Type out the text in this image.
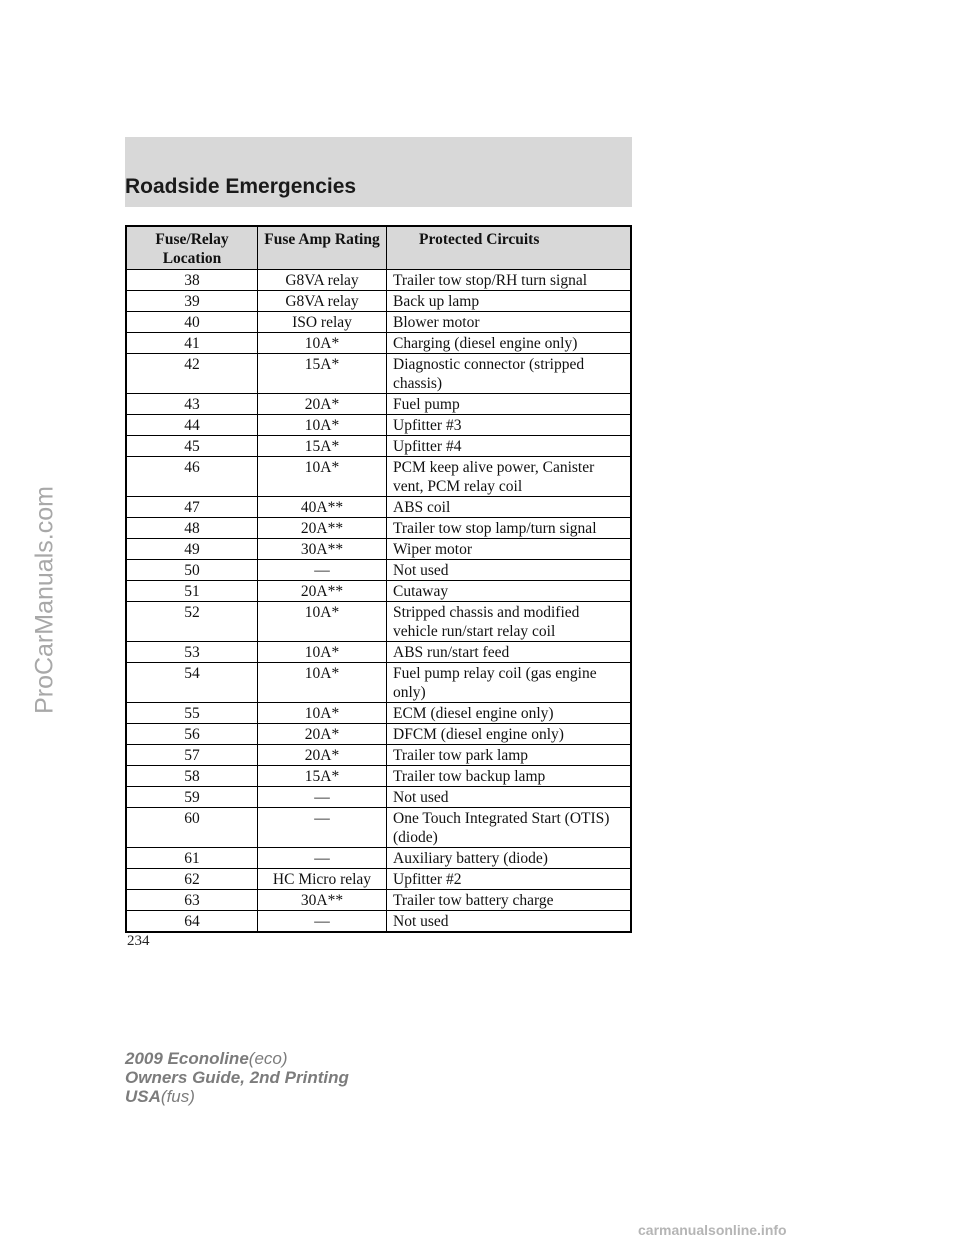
Roadside Emergencies
Fuse/Relay Location	Fuse Amp Rating	Protected Circuits
38	G8VA relay	Trailer tow stop/RH turn signal
39	G8VA relay	Back up lamp
40	ISO relay	Blower motor
41	10A*	Charging (diesel engine only)
42	15A*	Diagnostic connector (stripped chassis)
43	20A*	Fuel pump
44	10A*	Upfitter #3
45	15A*	Upfitter #4
46	10A*	PCM keep alive power, Canister vent, PCM relay coil
47	40A**	ABS coil
48	20A**	Trailer tow stop lamp/turn signal
49	30A**	Wiper motor
50	—	Not used
51	20A**	Cutaway
52	10A*	Stripped chassis and modified vehicle run/start relay coil
53	10A*	ABS run/start feed
54	10A*	Fuel pump relay coil (gas engine only)
55	10A*	ECM (diesel engine only)
56	20A*	DFCM (diesel engine only)
57	20A*	Trailer tow park lamp
58	15A*	Trailer tow backup lamp
59	—	Not used
60	—	One Touch Integrated Start (OTIS) (diode)
61	—	Auxiliary battery (diode)
62	HC Micro relay	Upfitter #2
63	30A**	Trailer tow battery charge
64	—	Not used
234
2009 Econoline(eco)
Owners Guide, 2nd Printing
USA(fus)
ProCarManuals.com
carmanualsonline.info
